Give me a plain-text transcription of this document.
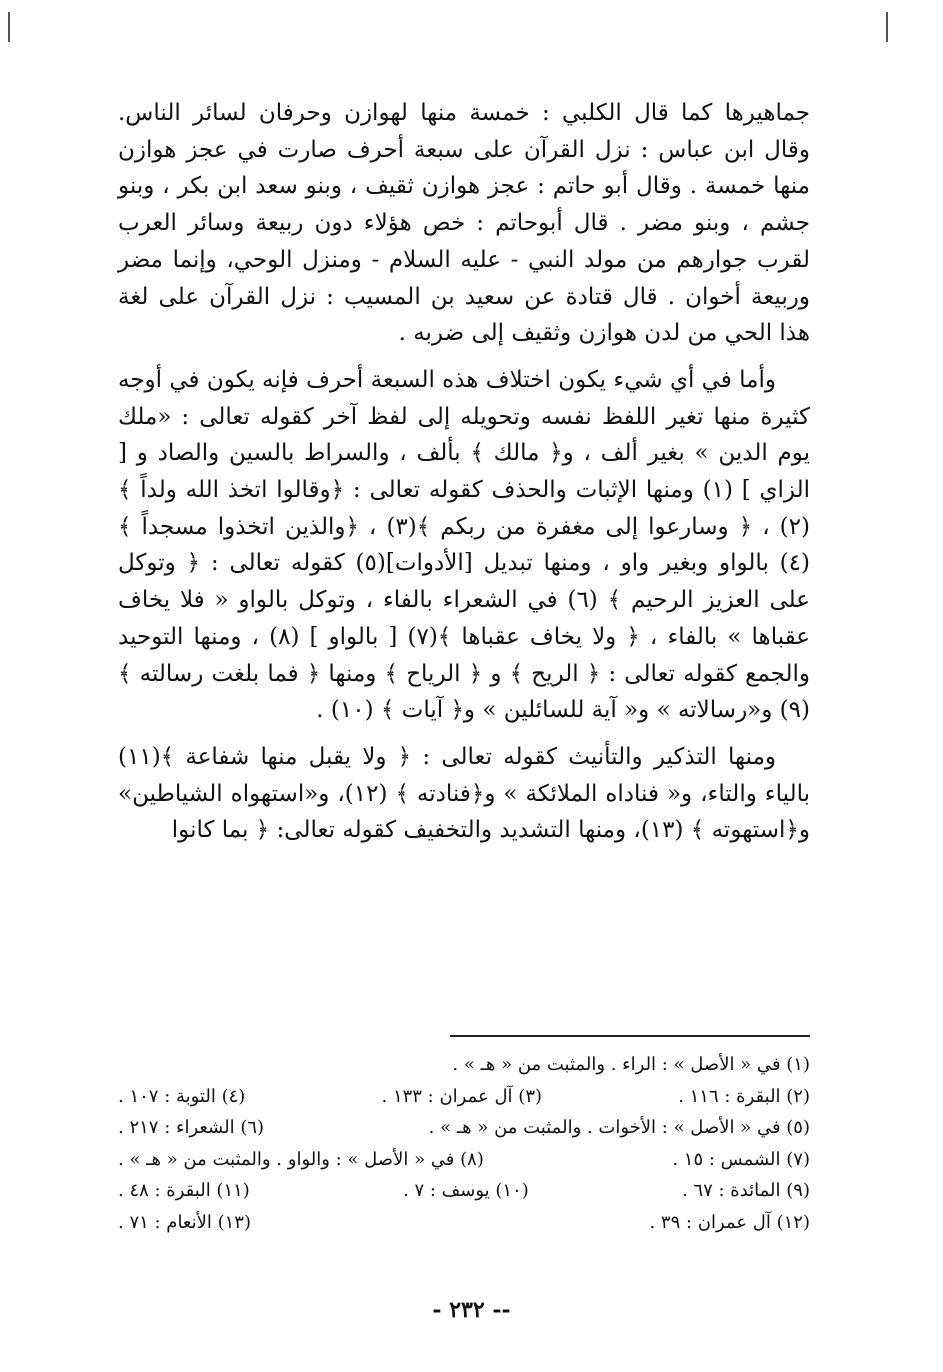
جماهيرها كما قال الكلبي : خمسة منها لهوازن وحرفان لسائر الناس. وقال ابن عباس : نزل القرآن على سبعة أحرف صارت في عجز هوازن منها خمسة . وقال أبو حاتم : عجز هوازن ثقيف ، وبنو سعد ابن بكر ، وبنو جشم ، وبنو مضر . قال أبوحاتم : خص هؤلاء دون ربيعة وسائر العرب لقرب جوارهم من مولد النبي - عليه السلام - ومنزل الوحي، وإنما مضر وربيعة أخوان . قال قتادة عن سعيد بن المسيب : نزل القرآن على لغة هذا الحي من لدن هوازن وثقيف إلى ضربه .

وأما في أي شيء يكون اختلاف هذه السبعة أحرف فإنه يكون في أوجه كثيرة منها تغير اللفظ نفسه وتحويله إلى لفظ آخر كقوله تعالى : «ملك يوم الدين » بغير ألف ، و﴿ مالك ﴾ بألف ، والسراط بالسين والصاد و [ الزاي ] (١) ومنها الإثبات والحذف كقوله تعالى : ﴿وقالوا اتخذ الله ولداً ﴾ (٢) ، ﴿ وسارعوا إلى مغفرة من ربكم ﴾(٣) ، ﴿والذين اتخذوا مسجداً ﴾ (٤) بالواو وبغير واو ، ومنها تبديل [الأدوات](٥) كقوله تعالى : ﴿ وتوكل على العزيز الرحيم ﴾ (٦) في الشعراء بالفاء ، وتوكل بالواو « فلا يخاف عقباها » بالفاء ، ﴿ ولا يخاف عقباها ﴾(٧) [ بالواو ] (٨) ، ومنها التوحيد والجمع كقوله تعالى : ﴿ الريح ﴾ و ﴿ الرياح ﴾ ومنها ﴿ فما بلغت رسالته ﴾ (٩) و«رسالاته » و« آية للسائلين » و﴿ آيات ﴾ (١٠) .

ومنها التذكير والتأنيث كقوله تعالى : ﴿ ولا يقبل منها شفاعة ﴾(١١) بالياء والتاء، و« فناداه الملائكة » و﴿فنادته ﴾ (١٢)، و«استهواه الشياطين» و﴿استهوته ﴾ (١٣)، ومنها التشديد والتخفيف كقوله تعالى: ﴿ بما كانوا

(١) في « الأصل » : الراء . والمثبت من « هـ » .
(٢) البقرة : ١١٦ .
(٣) آل عمران : ١٣٣ .
(٤) التوبة : ١٠٧ .
(٥) في « الأصل » : الأخوات . والمثبت من « هـ » .
(٦) الشعراء : ٢١٧ .
(٧) الشمس : ١٥ .
(٨) في « الأصل » : والواو . والمثبت من « هـ » .
(٩) المائدة : ٦٧ .
(١٠) يوسف : ٧ .
(١١) البقرة : ٤٨ .
(١٢) آل عمران : ٣٩ .
(١٣) الأنعام : ٧١ .
-- ٢٣٢ -
